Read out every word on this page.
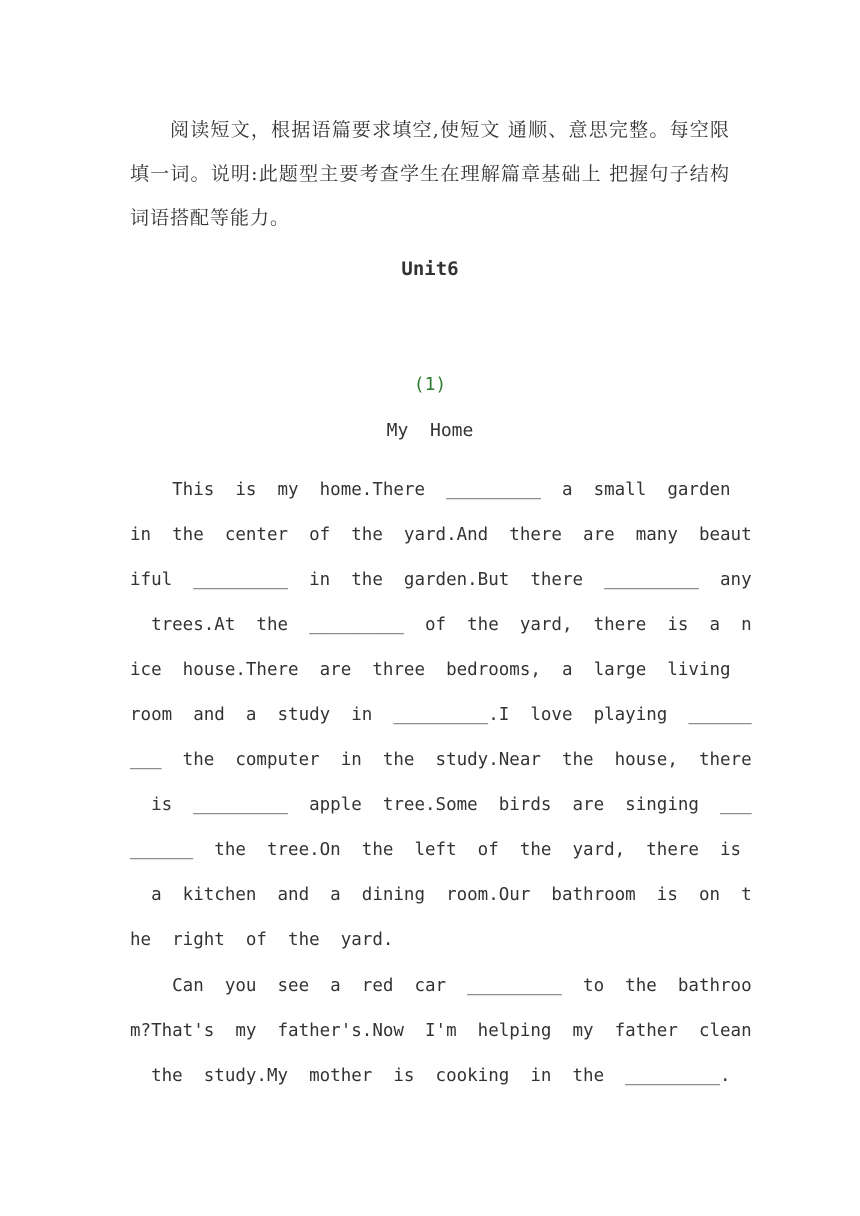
阅读短文，根据语篇要求填空,使短文 通顺、意思完整。每空限填一词。说明:此题型主要考查学生在理解篇章基础上 把握句子结构 词语搭配等能力。

Unit6

(1)

My  Home

This  is  my  home.There  _________  a  small  garden

in  the  center  of  the  yard.And  there  are  many  beaut

iful  _________  in  the  garden.But  there  _________  any

trees.At  the  _________  of  the  yard,  there  is  a  n

ice  house.There  are  three  bedrooms,  a  large  living

room  and  a  study  in  _________.I  love  playing  ______

___  the  computer  in  the  study.Near  the  house,  there

is  _________  apple  tree.Some  birds  are  singing  ___

______  the  tree.On  the  left  of  the  yard,  there  is

a  kitchen  and  a  dining  room.Our  bathroom  is  on  t

he  right  of  the  yard.

Can  you  see  a  red  car  _________  to  the  bathroo

m?That's  my  father's.Now  I'm  helping  my  father  clean

the  study.My  mother  is  cooking  in  the  _________.
